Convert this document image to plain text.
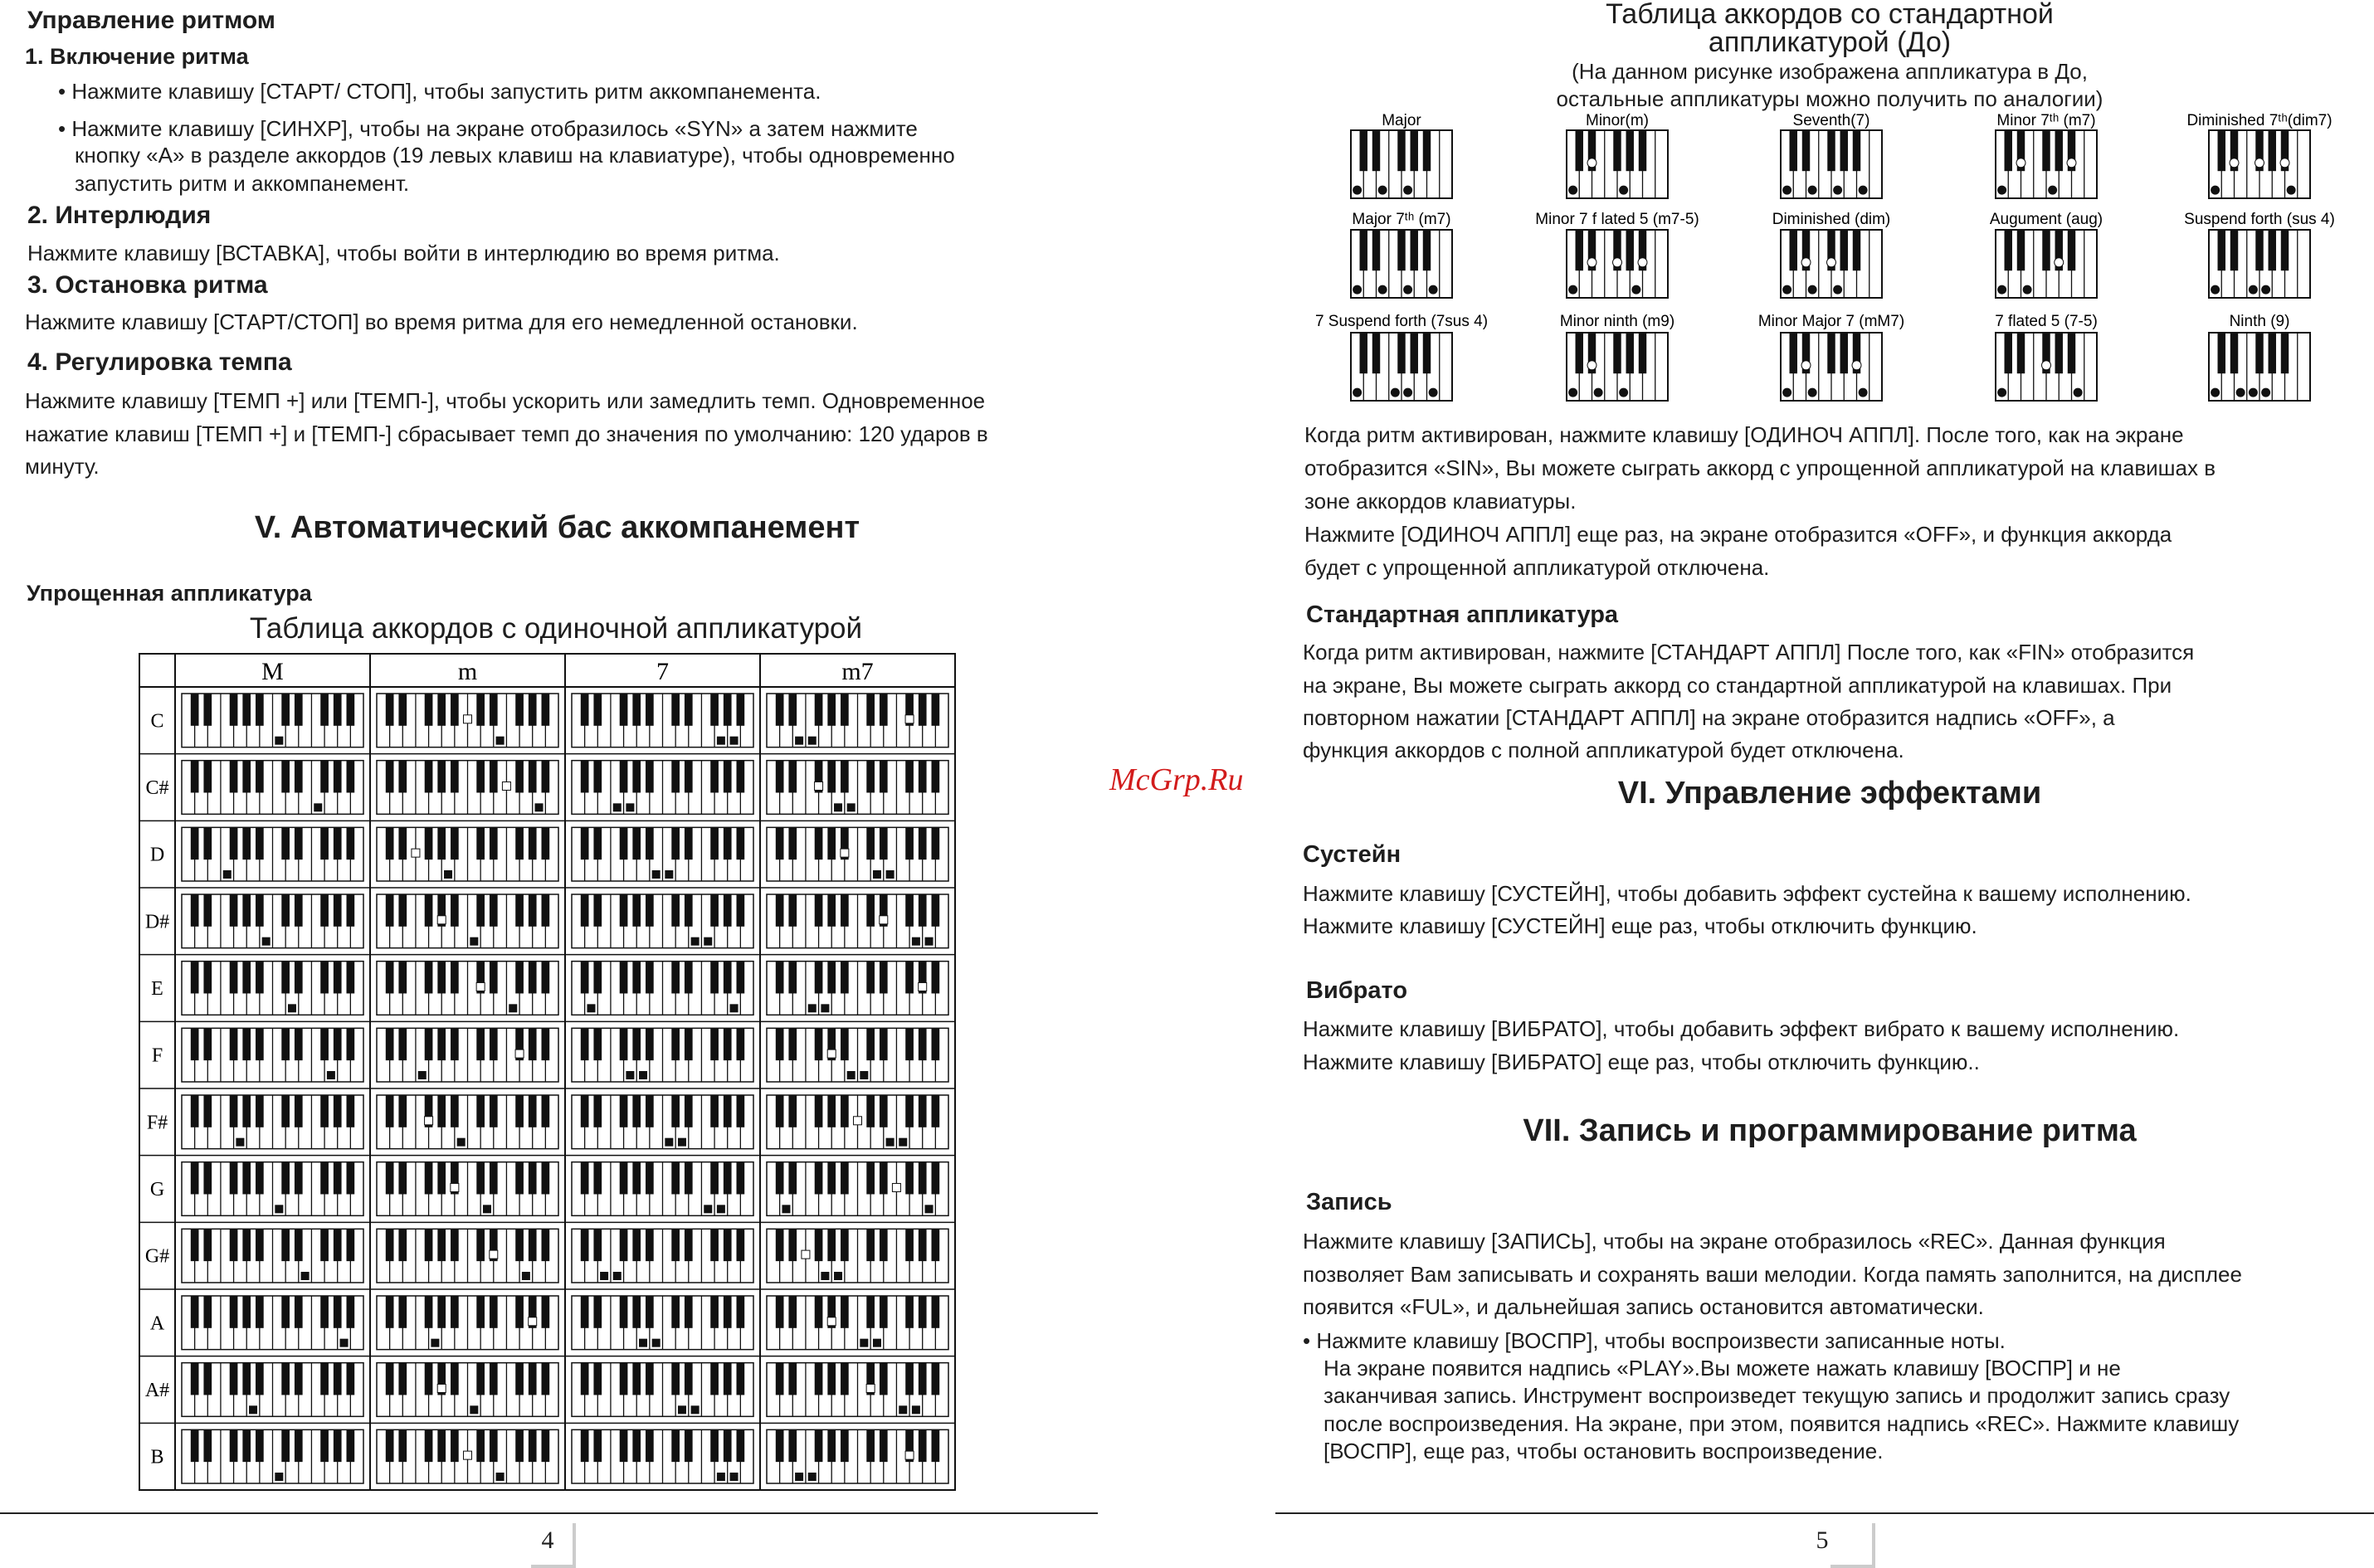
Управление ритмом
1. Включение ритма
• Нажмите клавишу [СТАРТ/ СТОП], чтобы запустить ритм аккомпанемента.
• Нажмите клавишу [СИНХР], чтобы на экране отобразилось «SYN» а затем нажмите
кнопку «A» в разделе аккордов (19 левых клавиш на клавиатуре), чтобы одновременно
запустить ритм и аккомпанемент.
2. Интерлюдия
Нажмите клавишу [ВСТАВКА], чтобы войти в интерлюдию во время ритма.
3. Остановка ритма
Нажмите клавишу [СТАРТ/СТОП] во время ритма для его немедленной остановки.
4. Регулировка темпа
Нажмите клавишу [ТЕМП +] или [ТЕМП-], чтобы ускорить или замедлить темп. Одновременное
нажатие клавиш [ТЕМП +] и [ТЕМП-] сбрасывает темп до значения по умолчанию: 120 ударов в
минуту.
V. Автоматический бас аккомпанемент
Упрощенная аппликатура
Таблица аккордов с одиночной аппликатурой
M	m	7	m7
C
C#
D
D#
E
F
F#
G
G#
A
A#
B
4
McGrp.Ru
Таблица аккордов со стандартной
аппликатурой (До)
(На данном рисунке изображена аппликатура в До,
остальные аппликатуры можно получить по аналогии)
Major	Minor(m)	Seventh(7)	Minor 7ᵗʰ (m7)	Diminished 7ᵗʰ(dim7)
Major 7ᵗʰ (m7)	Minor 7 f lated 5 (m7-5)	Diminished (dim)	Augument (aug)	Suspend forth (sus 4)
7 Suspend forth (7sus 4)	Minor ninth (m9)	Minor Major 7 (mM7)	7 flated 5 (7-5)	Ninth (9)
Когда ритм активирован, нажмите клавишу [ОДИНОЧ АППЛ]. После того, как на экране
отобразится «SIN», Вы можете сыграть аккорд с упрощенной аппликатурой на клавишах в
зоне аккордов клавиатуры.
Нажмите [ОДИНОЧ АППЛ] еще раз, на экране отобразится «OFF», и функция аккорда
будет с упрощенной аппликатурой отключена.
Стандартная аппликатура
Когда ритм активирован, нажмите [СТАНДАРТ АППЛ] После того, как «FIN» отобразится
на экране, Вы можете сыграть аккорд со стандартной аппликатурой на клавишах. При
повторном нажатии [СТАНДАРТ АППЛ] на экране отобразится надпись «OFF», а
функция аккордов с полной аппликатурой будет отключена.
VI. Управление эффектами
Сустейн
Нажмите клавишу [СУСТЕЙН], чтобы добавить эффект сустейна к вашему исполнению.
Нажмите клавишу [СУСТЕЙН] еще раз, чтобы отключить функцию.
Вибрато
Нажмите клавишу [ВИБРАТО], чтобы добавить эффект вибрато к вашему исполнению.
Нажмите клавишу [ВИБРАТО] еще раз, чтобы отключить функцию..
VII. Запись и программирование ритма
Запись
Нажмите клавишу [ЗАПИСЬ], чтобы на экране отобразилось «REC». Данная функция
позволяет Вам записывать и сохранять ваши мелодии. Когда память заполнится, на дисплее
появится «FUL», и дальнейшая запись остановится автоматически.
• Нажмите клавишу [ВОСПР], чтобы воспроизвести записанные ноты.
На экране появится надпись «PLAY».Вы можете нажать клавишу [ВОСПР] и не
заканчивая запись. Инструмент воспроизведет текущую запись и продолжит запись сразу
после воспроизведения. На экране, при этом, появится надпись «REC». Нажмите клавишу
[ВОСПР], еще раз, чтобы остановить воспроизведение.
5
